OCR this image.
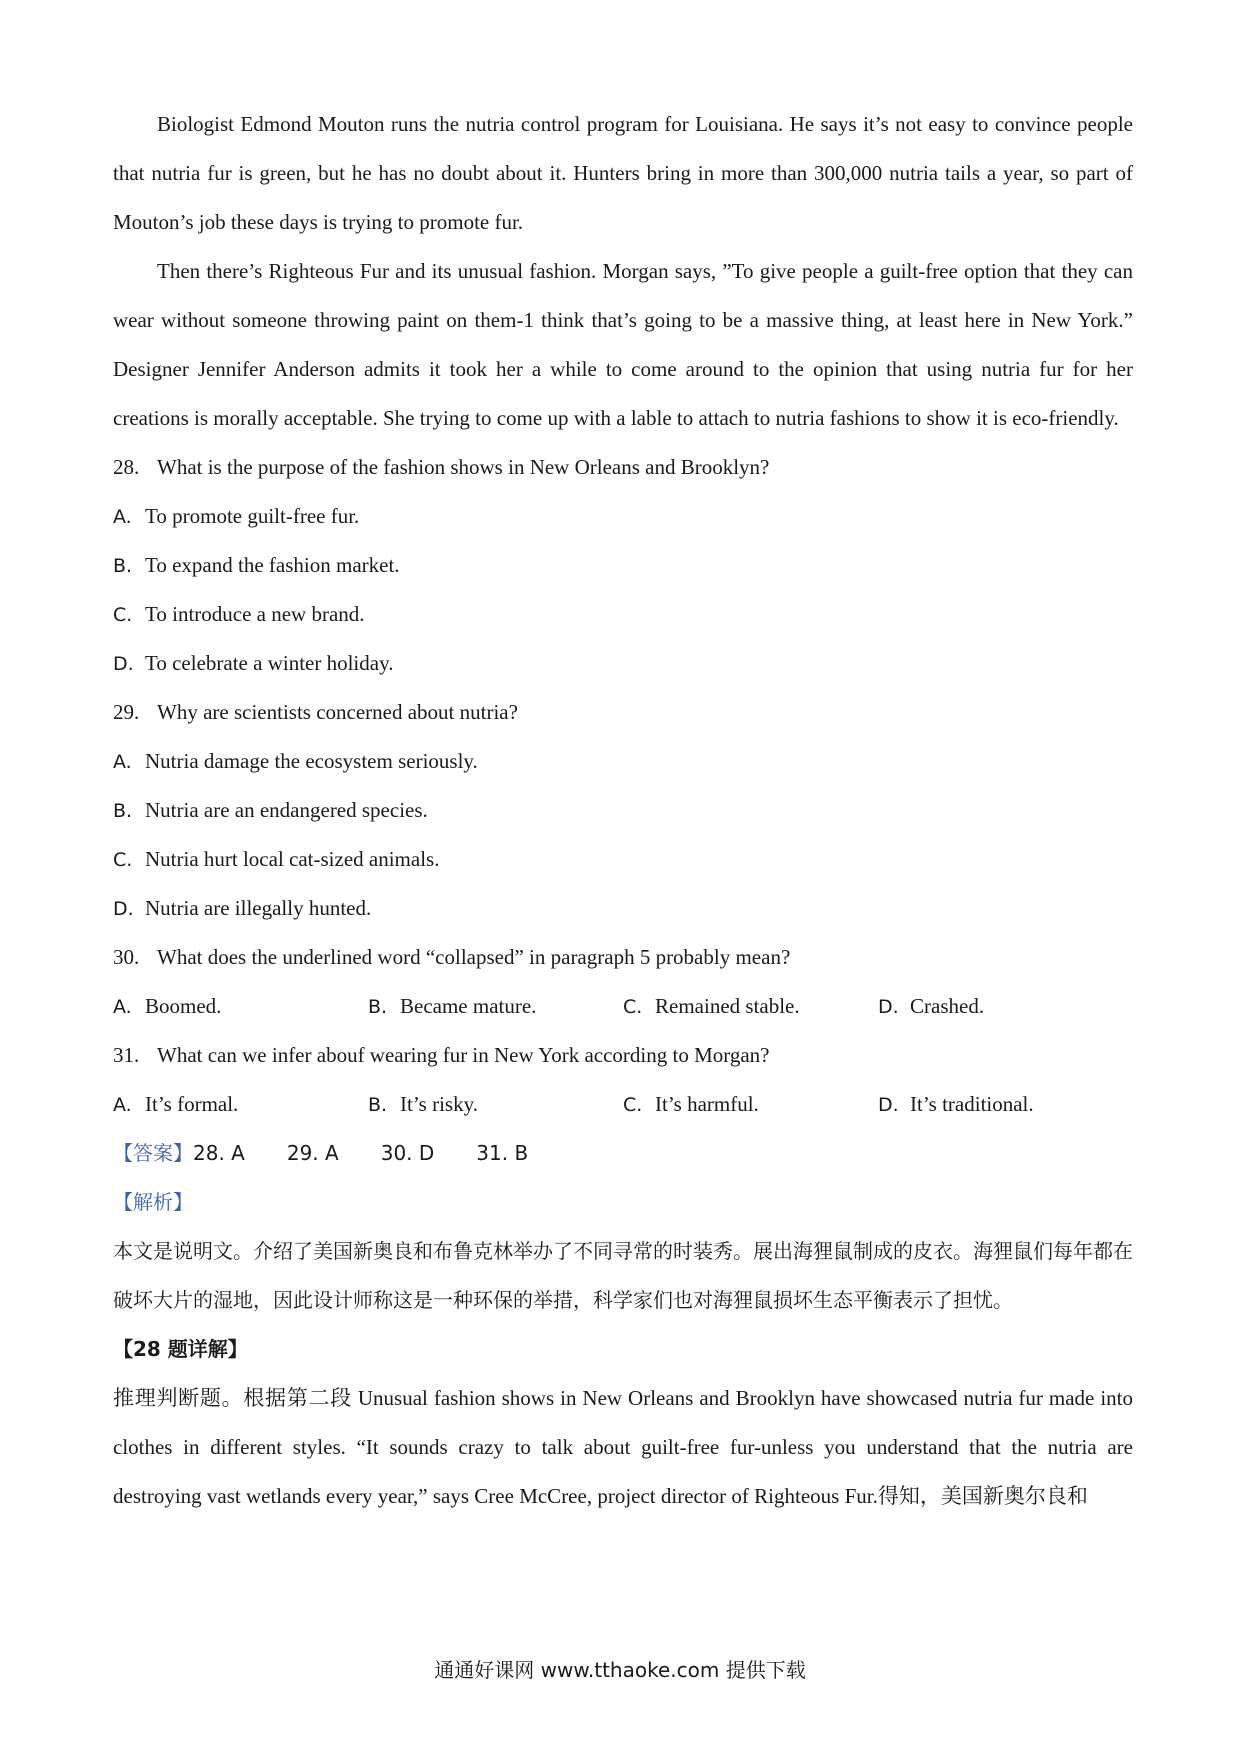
Biologist Edmond Mouton runs the nutria control program for Louisiana. He says it’s not easy to convince people that nutria fur is green, but he has no doubt about it. Hunters bring in more than 300,000 nutria tails a year, so part of Mouton’s job these days is trying to promote fur.

Then there’s Righteous Fur and its unusual fashion. Morgan says, ”To give people a guilt-free option that they can wear without someone throwing paint on them-1 think that’s going to be a massive thing, at least here in New York.” Designer Jennifer Anderson admits it took her a while to come around to the opinion that using nutria fur for her creations is morally acceptable. She trying to come up with a lable to attach to nutria fashions to show it is eco-friendly.

28. What is the purpose of the fashion shows in New Orleans and Brooklyn?
A. To promote guilt-free fur.
B. To expand the fashion market.
C. To introduce a new brand.
D. To celebrate a winter holiday.
29. Why are scientists concerned about nutria?
A. Nutria damage the ecosystem seriously.
B. Nutria are an endangered species.
C. Nutria hurt local cat-sized animals.
D. Nutria are illegally hunted.
30. What does the underlined word “collapsed” in paragraph 5 probably mean?
A. Boomed.	B. Became mature.	C. Remained stable.	D. Crashed.
31. What can we infer abouf wearing fur in New York according to Morgan?
A. It’s formal.	B. It’s risky.	C. It’s harmful.	D. It’s traditional.
【答案】28. A 29. A 30. D 31. B
【解析】

本文是说明文。介绍了美国新奥良和布鲁克林举办了不同寻常的时装秀。展出海狸鼠制成的皮衣。海狸鼠们每年都在破坏大片的湿地，因此设计师称这是一种环保的举措，科学家们也对海狸鼠损坏生态平衡表示了担忧。

【28 题详解】

推理判断题。根据第二段 Unusual fashion shows in New Orleans and Brooklyn have showcased nutria fur made into clothes in different styles. “It sounds crazy to talk about guilt-free fur-unless you understand that the nutria are destroying vast wetlands every year,” says Cree McCree, project director of Righteous Fur.得知，美国新奥尔良和

通通好课网 www.tthaoke.com 提供下载
